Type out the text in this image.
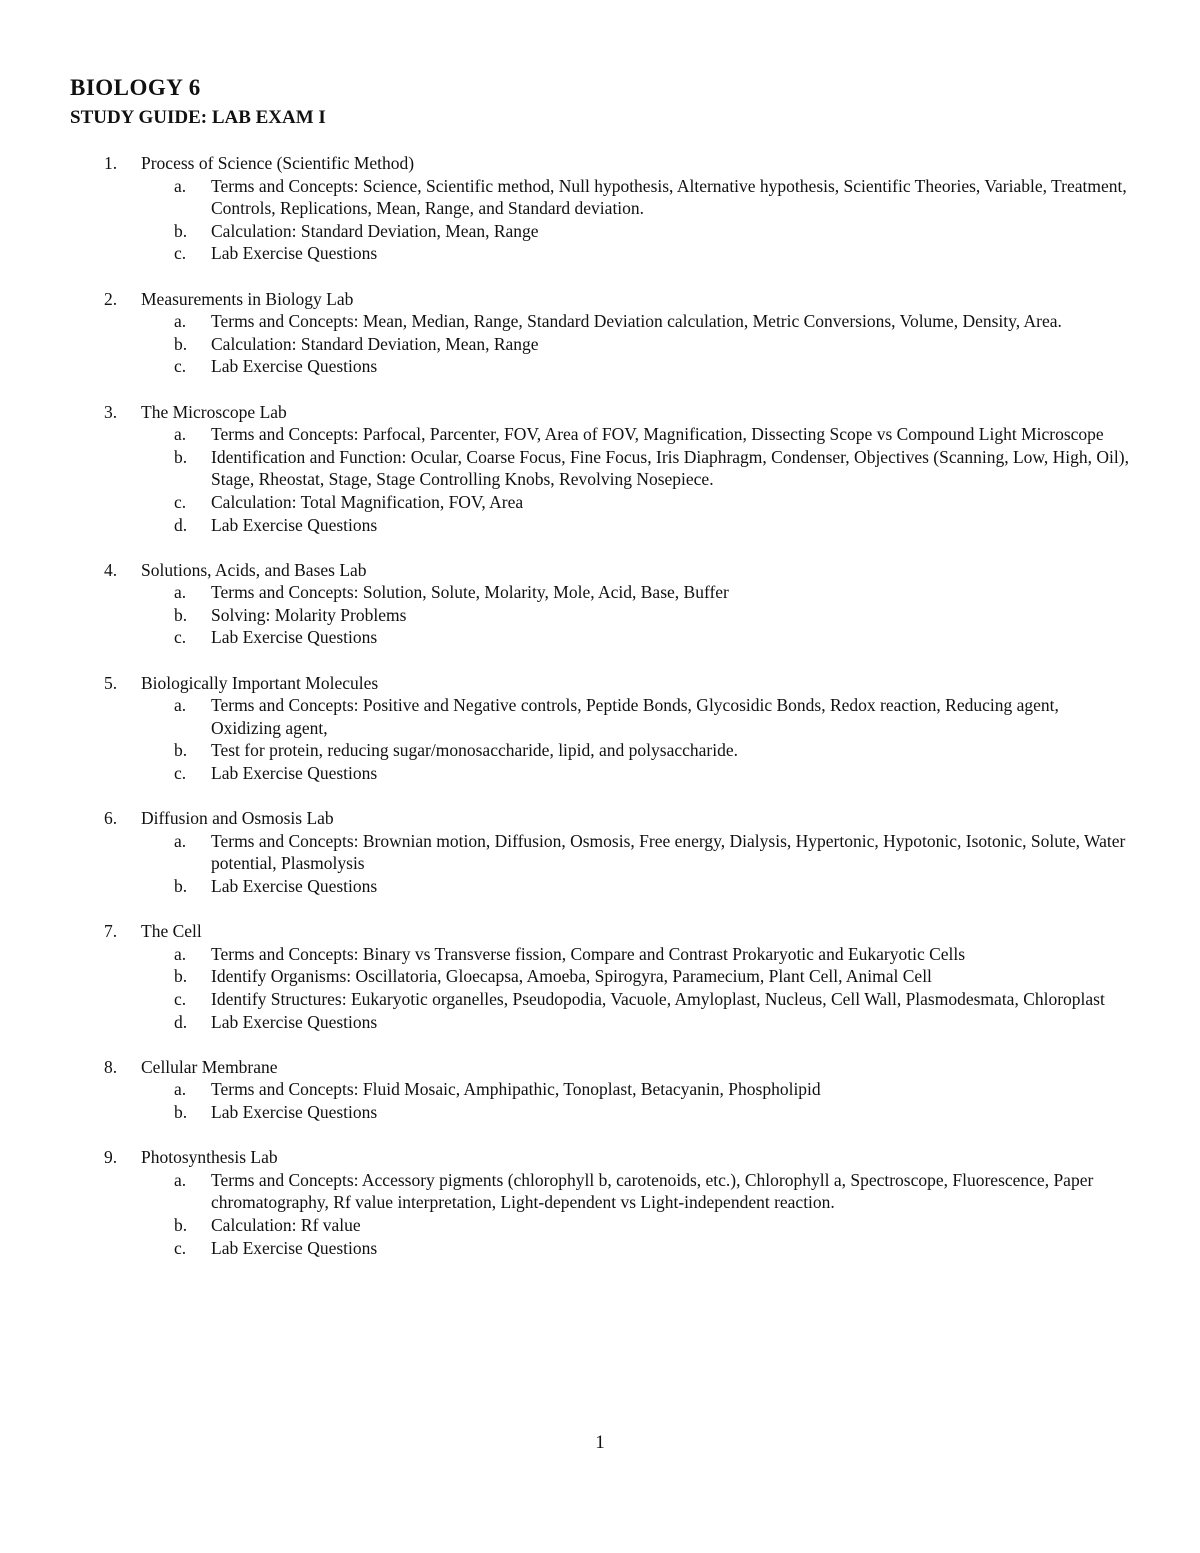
BIOLOGY 6
STUDY GUIDE: LAB EXAM I
1. Process of Science (Scientific Method)
a. Terms and Concepts: Science, Scientific method, Null hypothesis, Alternative hypothesis, Scientific Theories, Variable, Treatment, Controls, Replications, Mean, Range, and Standard deviation.
b. Calculation: Standard Deviation, Mean, Range
c. Lab Exercise Questions
2. Measurements in Biology Lab
a. Terms and Concepts: Mean, Median, Range, Standard Deviation calculation, Metric Conversions, Volume, Density, Area.
b. Calculation: Standard Deviation, Mean, Range
c. Lab Exercise Questions
3. The Microscope Lab
a. Terms and Concepts: Parfocal, Parcenter, FOV, Area of FOV, Magnification, Dissecting Scope vs Compound Light Microscope
b. Identification and Function: Ocular, Coarse Focus, Fine Focus, Iris Diaphragm, Condenser, Objectives (Scanning, Low, High, Oil), Stage, Rheostat, Stage, Stage Controlling Knobs, Revolving Nosepiece.
c. Calculation: Total Magnification, FOV, Area
d. Lab Exercise Questions
4. Solutions, Acids, and Bases Lab
a. Terms and Concepts: Solution, Solute, Molarity, Mole, Acid, Base, Buffer
b. Solving: Molarity Problems
c. Lab Exercise Questions
5. Biologically Important Molecules
a. Terms and Concepts: Positive and Negative controls, Peptide Bonds, Glycosidic Bonds, Redox reaction, Reducing agent, Oxidizing agent,
b. Test for protein, reducing sugar/monosaccharide, lipid, and polysaccharide.
c. Lab Exercise Questions
6. Diffusion and Osmosis Lab
a. Terms and Concepts: Brownian motion, Diffusion, Osmosis, Free energy, Dialysis, Hypertonic, Hypotonic, Isotonic, Solute, Water potential, Plasmolysis
b. Lab Exercise Questions
7. The Cell
a. Terms and Concepts: Binary vs Transverse fission, Compare and Contrast Prokaryotic and Eukaryotic Cells
b. Identify Organisms: Oscillatoria, Gloecapsa, Amoeba, Spirogyra, Paramecium, Plant Cell, Animal Cell
c. Identify Structures: Eukaryotic organelles, Pseudopodia, Vacuole, Amyloplast, Nucleus, Cell Wall, Plasmodesmata, Chloroplast
d. Lab Exercise Questions
8. Cellular Membrane
a. Terms and Concepts: Fluid Mosaic, Amphipathic, Tonoplast, Betacyanin, Phospholipid
b. Lab Exercise Questions
9. Photosynthesis Lab
a. Terms and Concepts: Accessory pigments (chlorophyll b, carotenoids, etc.), Chlorophyll a, Spectroscope, Fluorescence, Paper chromatography, Rf value interpretation, Light-dependent vs Light-independent reaction.
b. Calculation: Rf value
c. Lab Exercise Questions
1
